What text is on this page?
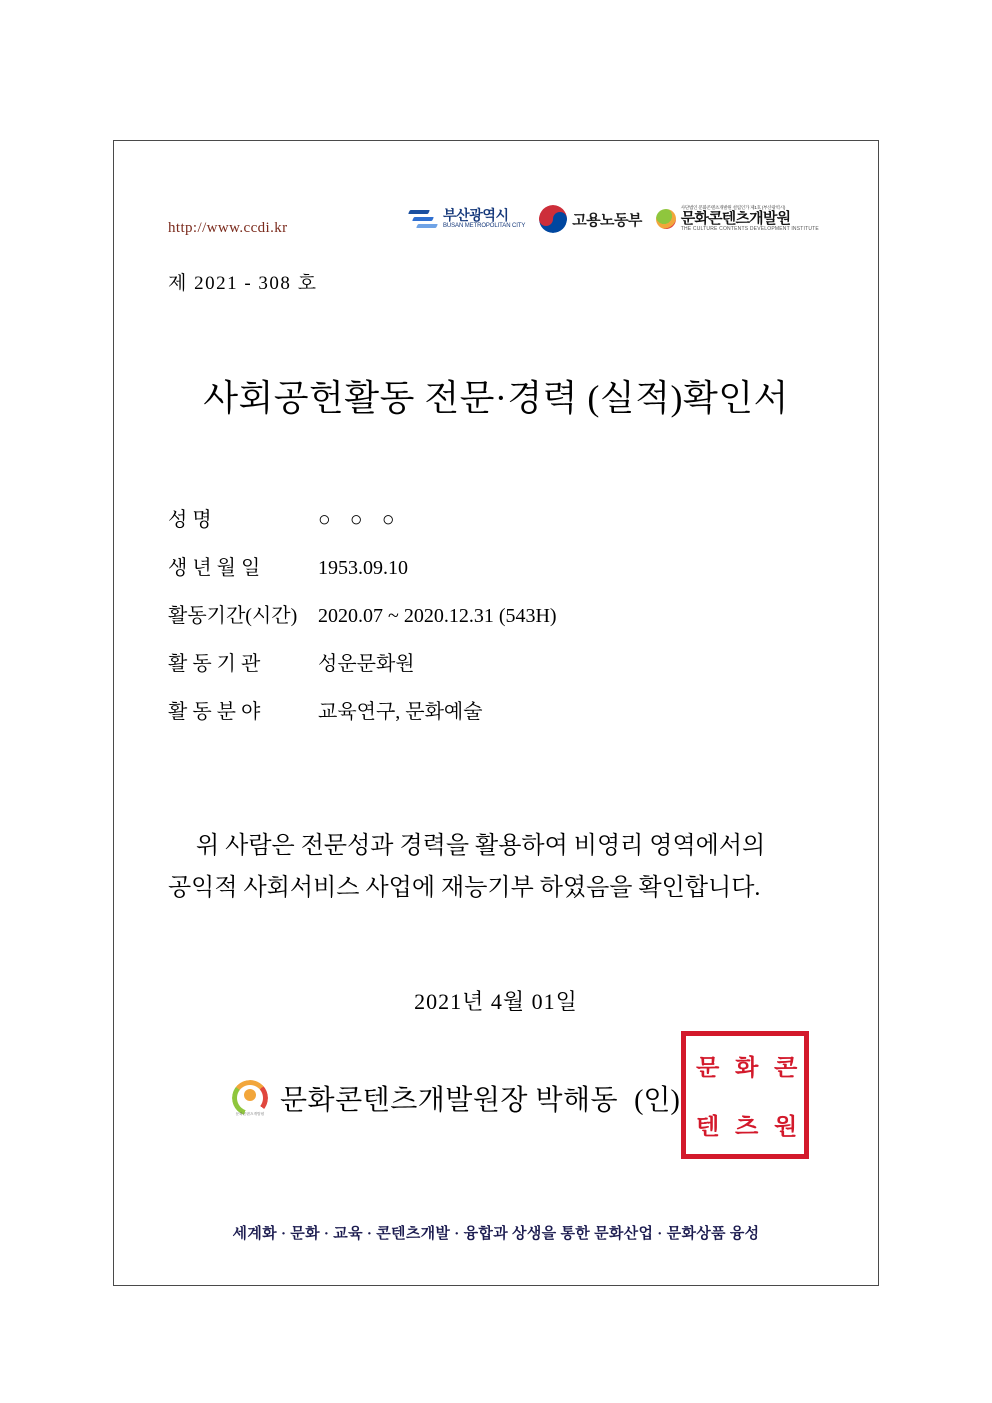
http://www.ccdi.kr
부산광역시
BUSAN METROPOLITAN CITY	고용노동부
사단법인 문화콘텐츠개발원 설립인가 제1호 (부산광역시)
문화콘텐츠개발원
THE CULTURE CONTENTS DEVELOPMENT INSTITUTE
제 2021 - 308 호
사회공헌활동 전문·경력 (실적)확인서
성 명	○ ○ ○
생 년 월 일	1953.09.10
활동기간(시간)	2020.07 ~ 2020.12.31 (543H)
활 동 기 관	성운문화원
활 동 분 야	교육연구, 문화예술
위 사람은 전문성과 경력을 활용하여 비영리 영역에서의
공익적 사회서비스 사업에 재능기부 하였음을 확인합니다.
2021년 4월 01일
문화콘텐츠개발원 문화콘텐츠개발원장 박해동 (인)
문 화 콘
텐 츠 원
세계화 · 문화 · 교육 · 콘텐츠개발 · 융합과 상생을 통한 문화산업 · 문화상품 융성
